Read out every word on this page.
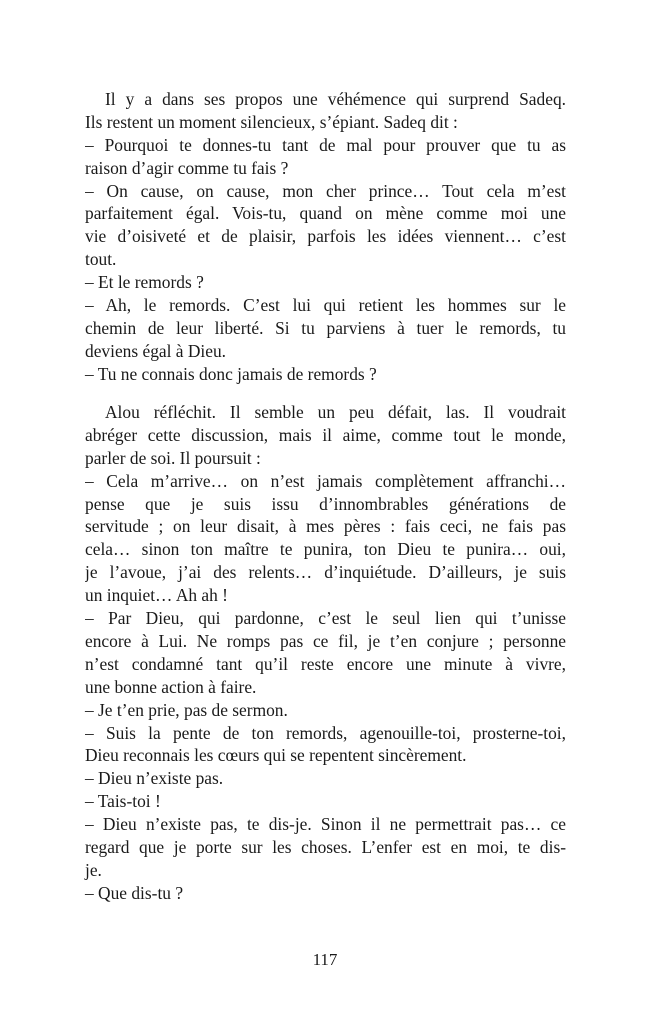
Il y a dans ses propos une véhémence qui surprend Sadeq.
Ils restent un moment silencieux, s’épiant. Sadeq dit :
– Pourquoi te donnes-tu tant de mal pour prouver que tu as
raison d’agir comme tu fais ?
– On cause, on cause, mon cher prince… Tout cela m’est
parfaitement égal. Vois-tu, quand on mène comme moi une
vie d’oisiveté et de plaisir, parfois les idées viennent… c’est
tout.
– Et le remords ?
– Ah, le remords. C’est lui qui retient les hommes sur le
chemin de leur liberté. Si tu parviens à tuer le remords, tu
deviens égal à Dieu.
– Tu ne connais donc jamais de remords ?
Alou réfléchit. Il semble un peu défait, las. Il voudrait
abréger cette discussion, mais il aime, comme tout le monde,
parler de soi. Il poursuit :
– Cela m’arrive… on n’est jamais complètement affranchi…
pense que je suis issu d’innombrables générations de
servitude ; on leur disait, à mes pères : fais ceci, ne fais pas
cela… sinon ton maître te punira, ton Dieu te punira… oui,
je l’avoue, j’ai des relents… d’inquiétude. D’ailleurs, je suis
un inquiet… Ah ah !
– Par Dieu, qui pardonne, c’est le seul lien qui t’unisse
encore à Lui. Ne romps pas ce fil, je t’en conjure ; personne
n’est condamné tant qu’il reste encore une minute à vivre,
une bonne action à faire.
– Je t’en prie, pas de sermon.
– Suis la pente de ton remords, agenouille-toi, prosterne-toi,
Dieu reconnais les cœurs qui se repentent sincèrement.
– Dieu n’existe pas.
– Tais-toi !
– Dieu n’existe pas, te dis-je. Sinon il ne permettrait pas… ce
regard que je porte sur les choses. L’enfer est en moi, te dis-
je.
– Que dis-tu ?
117
